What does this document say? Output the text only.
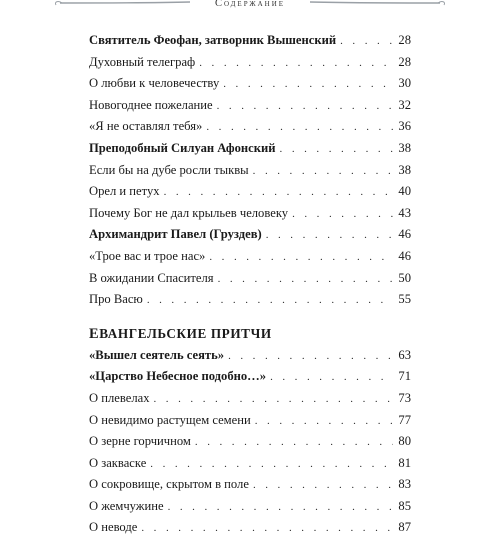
Содержание
Святитель Феофан, затворник Вышенский . . .	28
Духовный телеграф . . .	28
О любви к человечеству . . .	30
Новогоднее пожелание . . .	32
«Я не оставлял тебя» . . .	36
Преподобный Силуан Афонский . . .	38
Если бы на дубе росли тыквы . . .	38
Орел и петух . . .	40
Почему Бог не дал крыльев человеку . . .	43
Архимандрит Павел (Груздев) . . .	46
«Трое вас и трое нас» . . .	46
В ожидании Спасителя . . .	50
Про Васю . . .	55
ЕВАНГЕЛЬСКИЕ ПРИТЧИ
«Вышел сеятель сеять» . . .	63
«Царство Небесное подобно…» . . .	71
О плевелах . . .	73
О невидимо растущем семени . . .	77
О зерне горчичном . . .	80
О закваске . . .	81
О сокровище, скрытом в поле . . .	83
О жемчужине . . .	85
О неводе . . .	87
